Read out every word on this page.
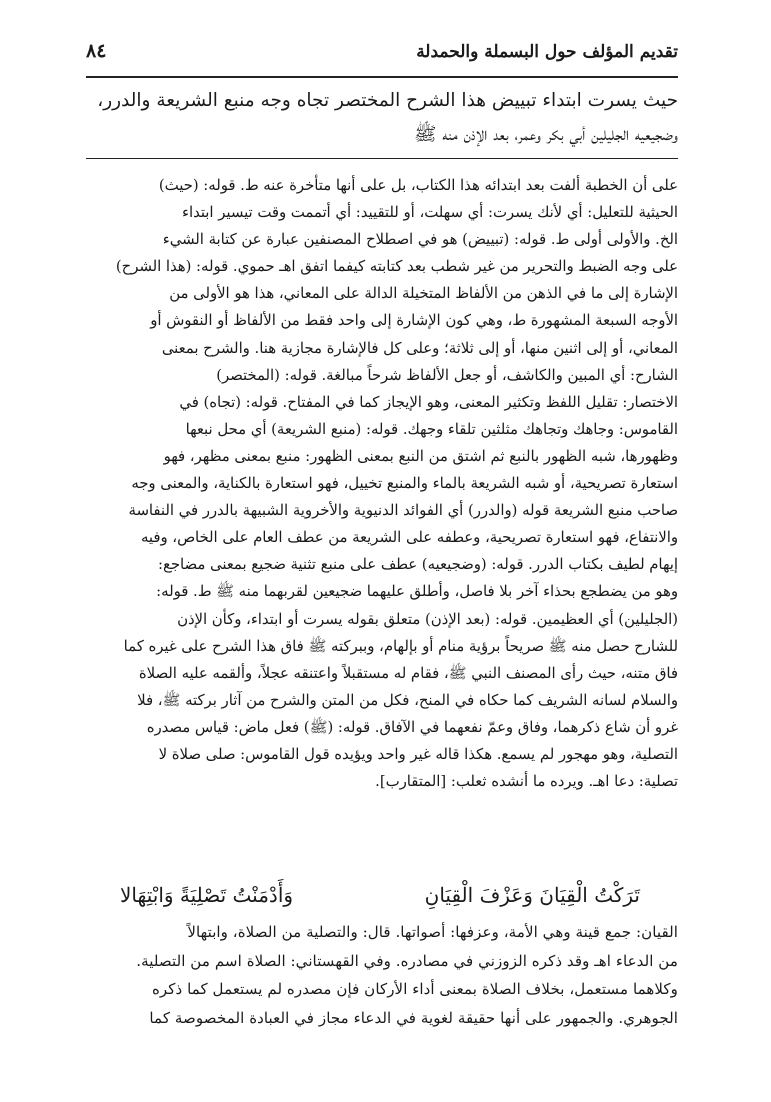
تقديم المؤلف حول البسملة والحمدلة
٨٤
حيث يسرت ابتداء تبييض هذا الشرح المختصر تجاه وجه منبع الشريعة والدرر،
وضجيعيه الجليلين أبي بكر وعمر، بعد الإذن منه ﷺ
على أن الخطبة ألفت بعد ابتدائه هذا الكتاب، بل على أنها متأخرة عنه ط. قوله: (حيث)
الحيثية للتعليل: أي لأنك يسرت: أي سهلت، أو للتقييد: أي أتممت وقت تيسير ابتداء
الخ. والأولى أولى ط. قوله: (تبييض) هو في اصطلاح المصنفين عبارة عن كتابة الشيء
على وجه الضبط والتحرير من غير شطب بعد كتابته كيفما اتفق اهـ حموي. قوله: (هذا الشرح)
الإشارة إلى ما في الذهن من الألفاظ المتخيلة الدالة على المعاني، هذا هو الأولى من
الأوجه السبعة المشهورة ط، وهي كون الإشارة إلى واحد فقط من الألفاظ أو النقوش أو
المعاني، أو إلى اثنين منها، أو إلى ثلاثة؛ وعلى كل فالإشارة مجازية هنا. والشرح بمعنى
الشارح: أي المبين والكاشف، أو جعل الألفاظ شرحاً مبالغة. قوله: (المختصر)
الاختصار: تقليل اللفظ وتكثير المعنى، وهو الإيجاز كما في المفتاح. قوله: (تجاه) في
القاموس: وجاهك وتجاهك مثلثين تلقاء وجهك. قوله: (منبع الشريعة) أي محل نبعها
وظهورها، شبه الظهور بالنبع ثم اشتق من النبع بمعنى الظهور: منبع بمعنى مظهر، فهو
استعارة تصريحية، أو شبه الشريعة بالماء والمنبع تخييل، فهو استعارة بالكناية، والمعنى وجه
صاحب منبع الشريعة قوله (والدرر) أي الفوائد الدنيوية والأخروية الشبيهة بالدرر في النفاسة
والانتفاع، فهو استعارة تصريحية، وعطفه على الشريعة من عطف العام على الخاص، وفيه
إيهام لطيف بكتاب الدرر. قوله: (وضجيعيه) عطف على منبع تثنية ضجيع بمعنى مضاجع:
وهو من يضطجع بحذاء آخر بلا فاصل، وأطلق عليهما ضجيعين لقربهما منه ﷺ ط. قوله:
(الجليلين) أي العظيمين. قوله: (بعد الإذن) متعلق بقوله يسرت أو ابتداء، وكأن الإذن
للشارح حصل منه ﷺ صريحاً برؤية منام أو بإلهام، وببركته ﷺ فاق هذا الشرح على غيره كما
فاق متنه، حيث رأى المصنف النبي ﷺ، فقام له مستقبلاً واعتنقه عجلاً، وألقمه عليه الصلاة
والسلام لسانه الشريف كما حكاه في المنح، فكل من المتن والشرح من آثار بركته ﷺ، فلا
غرو أن شاع ذكرهما، وفاق وعمّ نفعهما في الآفاق. قوله: (ﷺ) فعل ماض: قياس مصدره
التصلية، وهو مهجور لم يسمع. هكذا قاله غير واحد ويؤيده قول القاموس: صلى صلاة لا
تصلية: دعا اهـ. ويرده ما أنشده ثعلب: [المتقارب].
تَرَكْتُ الْقِيَانَ وَعَزْفَ الْقِيَانِ
وَأَدْمَنْتُ تَصْلِيَةً وَابْتِهَالا
القيان: جمع قينة وهي الأمة، وعزفها: أصواتها. قال: والتصلية من الصلاة، وابتهالاً
من الدعاء اهـ وقد ذكره الزوزني في مصادره. وفي القهستاني: الصلاة اسم من التصلية.
وكلاهما مستعمل، بخلاف الصلاة بمعنى أداء الأركان فإن مصدره لم يستعمل كما ذكره
الجوهري. والجمهور على أنها حقيقة لغوية في الدعاء مجاز في العبادة المخصوصة كما
